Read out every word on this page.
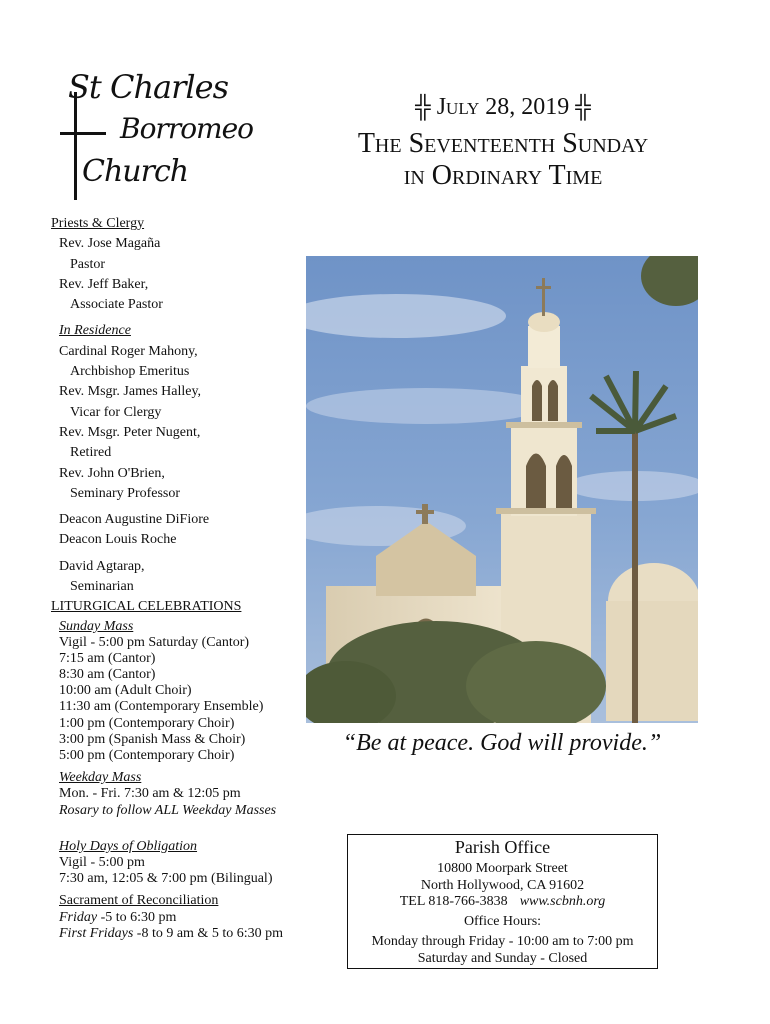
St Charles
Borromeo
Church
╬ July 28, 2019 ╬
The Seventeenth Sunday
in Ordinary Time
Priests & Clergy
Rev. Jose Magaña
Pastor
Rev. Jeff Baker,
Associate Pastor
In Residence
Cardinal Roger Mahony,
Archbishop Emeritus
Rev. Msgr. James Halley,
Vicar for Clergy
Rev. Msgr. Peter Nugent,
Retired
Rev. John O'Brien,
Seminary Professor
Deacon Augustine DiFiore
Deacon Louis Roche
David Agtarap,
Seminarian
LITURGICAL CELEBRATIONS
Sunday Mass
Vigil - 5:00 pm Saturday (Cantor)
7:15 am (Cantor)
8:30 am (Cantor)
10:00 am (Adult Choir)
11:30 am (Contemporary Ensemble)
1:00 pm (Contemporary Choir)
3:00 pm (Spanish Mass & Choir)
5:00 pm (Contemporary Choir)
Weekday Mass
Mon. - Fri. 7:30 am & 12:05 pm
Rosary to follow ALL Weekday Masses
Holy Days of Obligation
Vigil - 5:00 pm
7:30 am, 12:05 & 7:00 pm (Bilingual)
Sacrament of Reconciliation
Friday -5 to 6:30 pm
First Fridays -8 to 9 am & 5 to 6:30 pm
“Be at peace. God will provide.”
Parish Office
10800 Moorpark Street
North Hollywood, CA 91602
TEL 818-766-3838 www.scbnh.org
Office Hours:
Monday through Friday - 10:00 am to 7:00 pm
Saturday and Sunday - Closed
